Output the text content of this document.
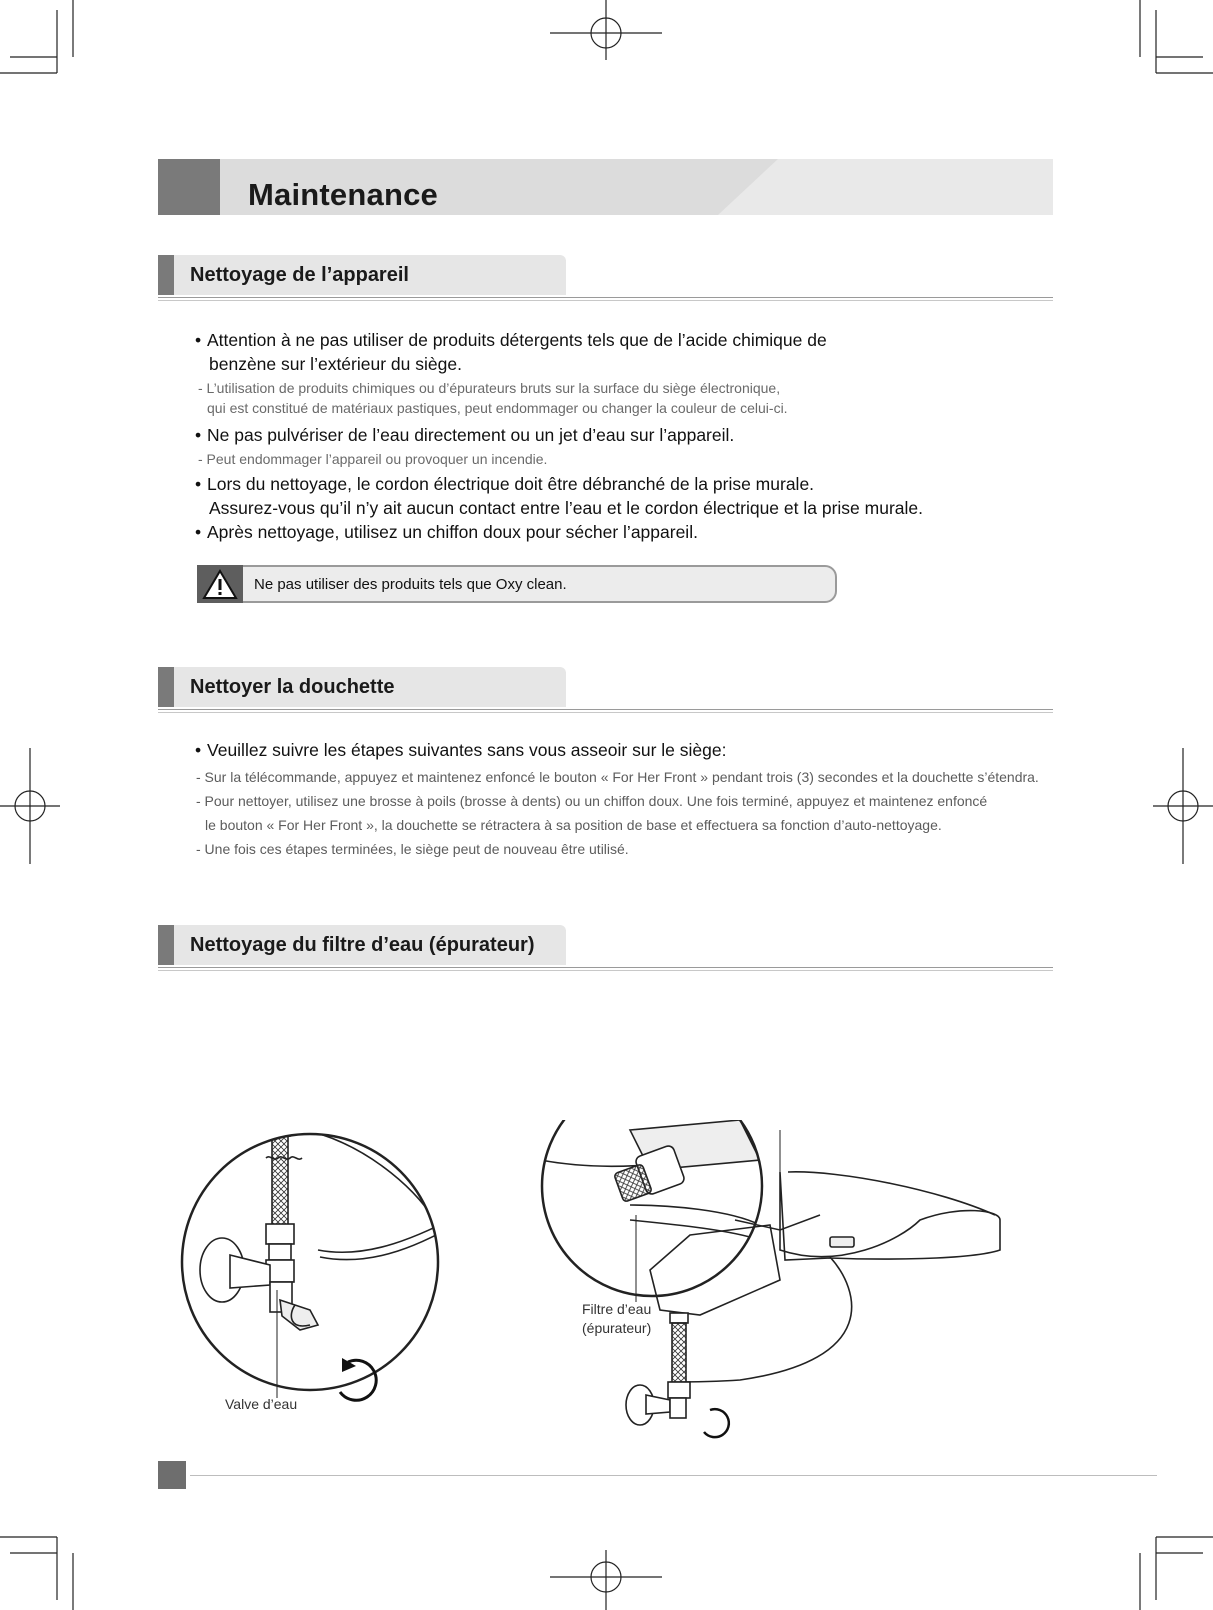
Maintenance
Nettoyage de l’appareil
• Attention à ne pas utiliser de produits détergents tels que de l’acide chimique de
benzène sur l’extérieur du siège.
- L’utilisation de produits chimiques ou d’épurateurs bruts sur la surface du siège électronique,
qui est constitué de matériaux pastiques, peut endommager ou changer la couleur de celui-ci.
• Ne pas pulvériser de l’eau directement ou un jet d’eau sur l’appareil.
- Peut endommager l’appareil ou provoquer un incendie.
• Lors du nettoyage, le cordon électrique doit être débranché de la prise murale.
Assurez-vous qu’il n’y ait aucun contact entre l’eau et le cordon électrique et la prise murale.
• Après nettoyage, utilisez un chiffon doux pour sécher l’appareil.
Ne pas utiliser des produits tels que Oxy clean.
Nettoyer la douchette
• Veuillez suivre les étapes suivantes sans vous asseoir sur le siège:
- Sur la télécommande, appuyez et maintenez enfoncé le bouton « For Her Front » pendant trois (3) secondes et la douchette s’étendra.
- Pour nettoyer, utilisez une brosse à poils (brosse à dents) ou un chiffon doux. Une fois terminé, appuyez et maintenez enfoncé
le bouton « For Her Front », la douchette se rétractera à sa position de base et effectuera sa fonction d’auto-nettoyage.
- Une fois ces étapes terminées, le siège peut de nouveau être utilisé.
Nettoyage du filtre d’eau (épurateur)
Valve d’eau
Filtre d’eau
(épurateur)
